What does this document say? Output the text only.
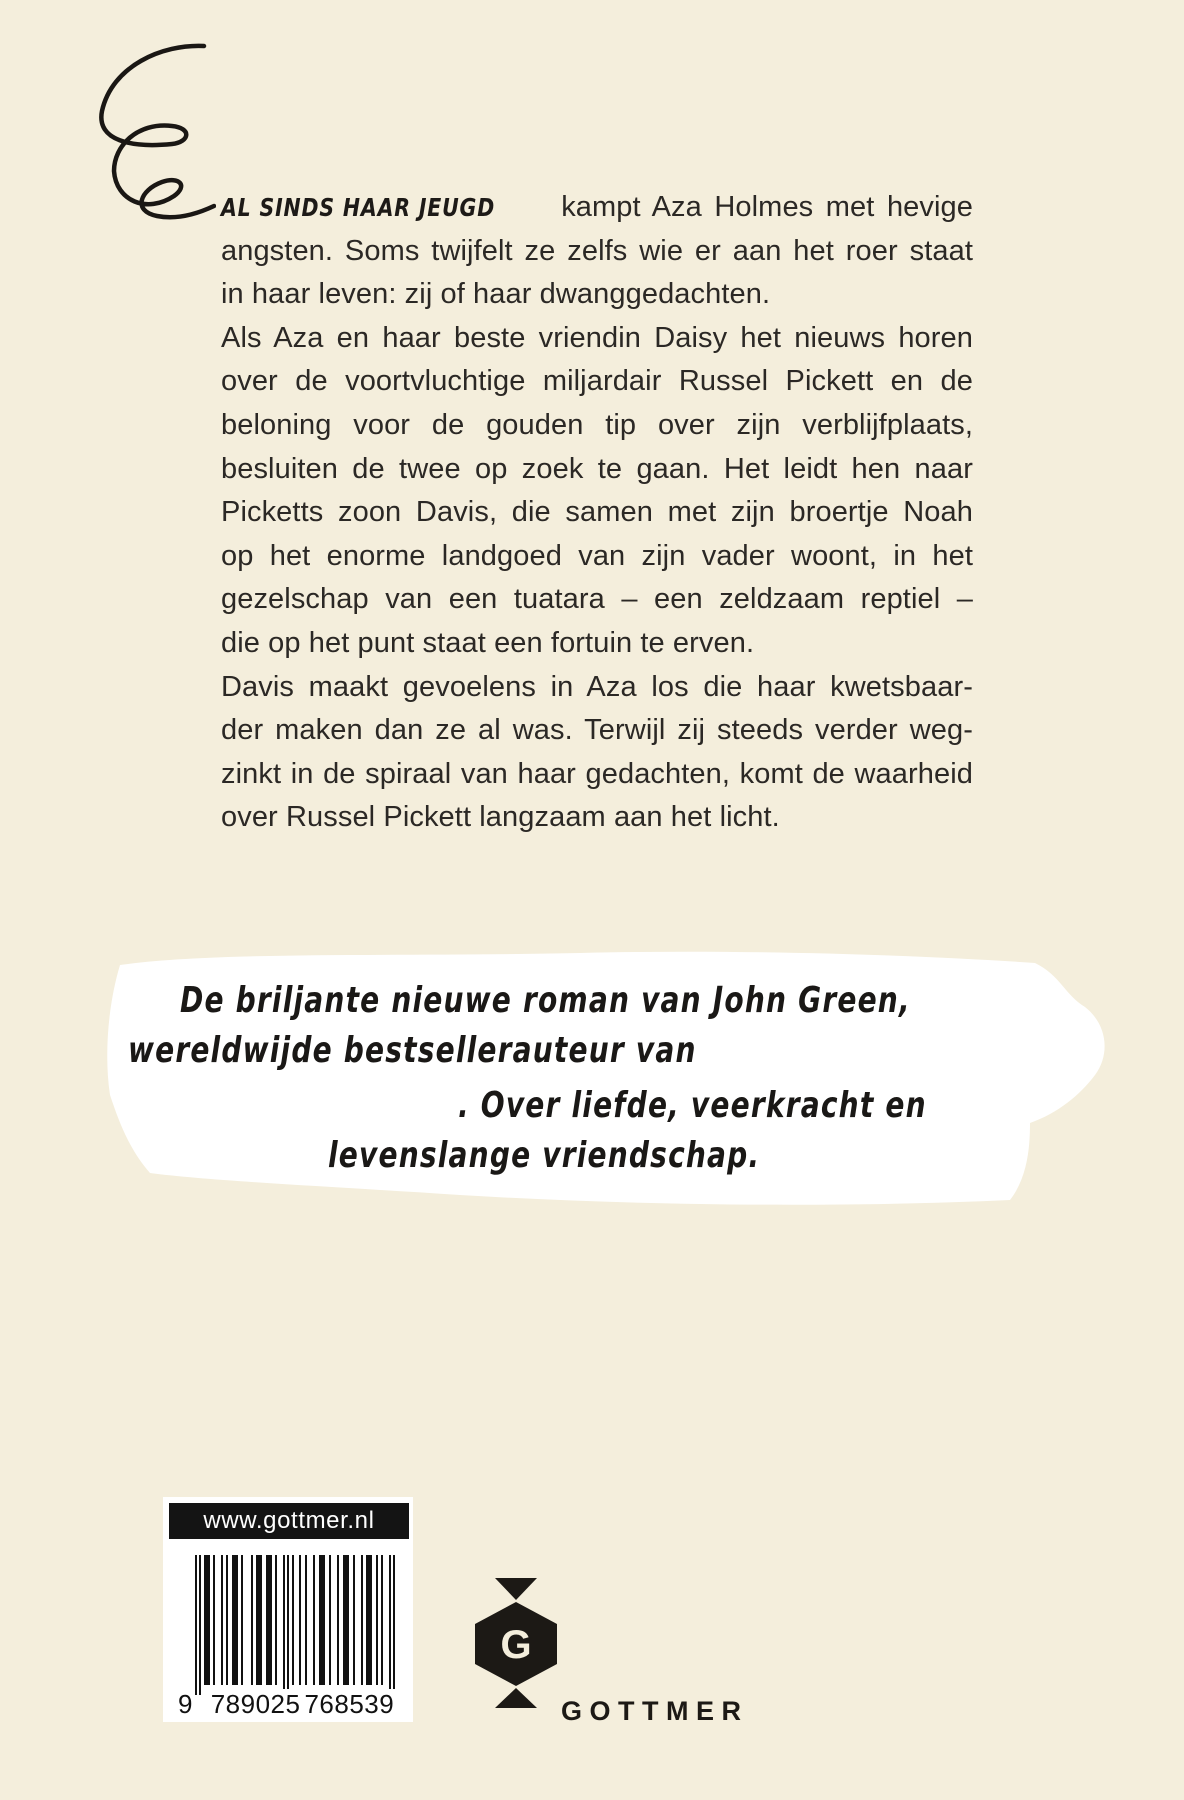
AL SINDS HAAR JEUGD kampt Aza Holmes met hevige
angsten. Soms twijfelt ze zelfs wie er aan het roer staat
in haar leven: zij of haar dwanggedachten.
Als Aza en haar beste vriendin Daisy het nieuws horen
over de voortvluchtige miljardair Russel Pickett en de
beloning voor de gouden tip over zijn verblijfplaats,
besluiten de twee op zoek te gaan. Het leidt hen naar
Picketts zoon Davis, die samen met zijn broertje Noah
op het enorme landgoed van zijn vader woont, in het
gezelschap van een tuatara – een zeldzaam reptiel –
die op het punt staat een fortuin te erven.
Davis maakt gevoelens in Aza los die haar kwetsbaar-
der maken dan ze al was. Terwijl zij steeds verder weg-
zinkt in de spiraal van haar gedachten, komt de waarheid
over Russel Pickett langzaam aan het licht.
De briljante nieuwe roman van John Green,
wereldwijde bestsellerauteur van
. Over liefde, veerkracht en
levenslange vriendschap.
www.gottmer.nl
9 789025 768539
G
GOTTMER
